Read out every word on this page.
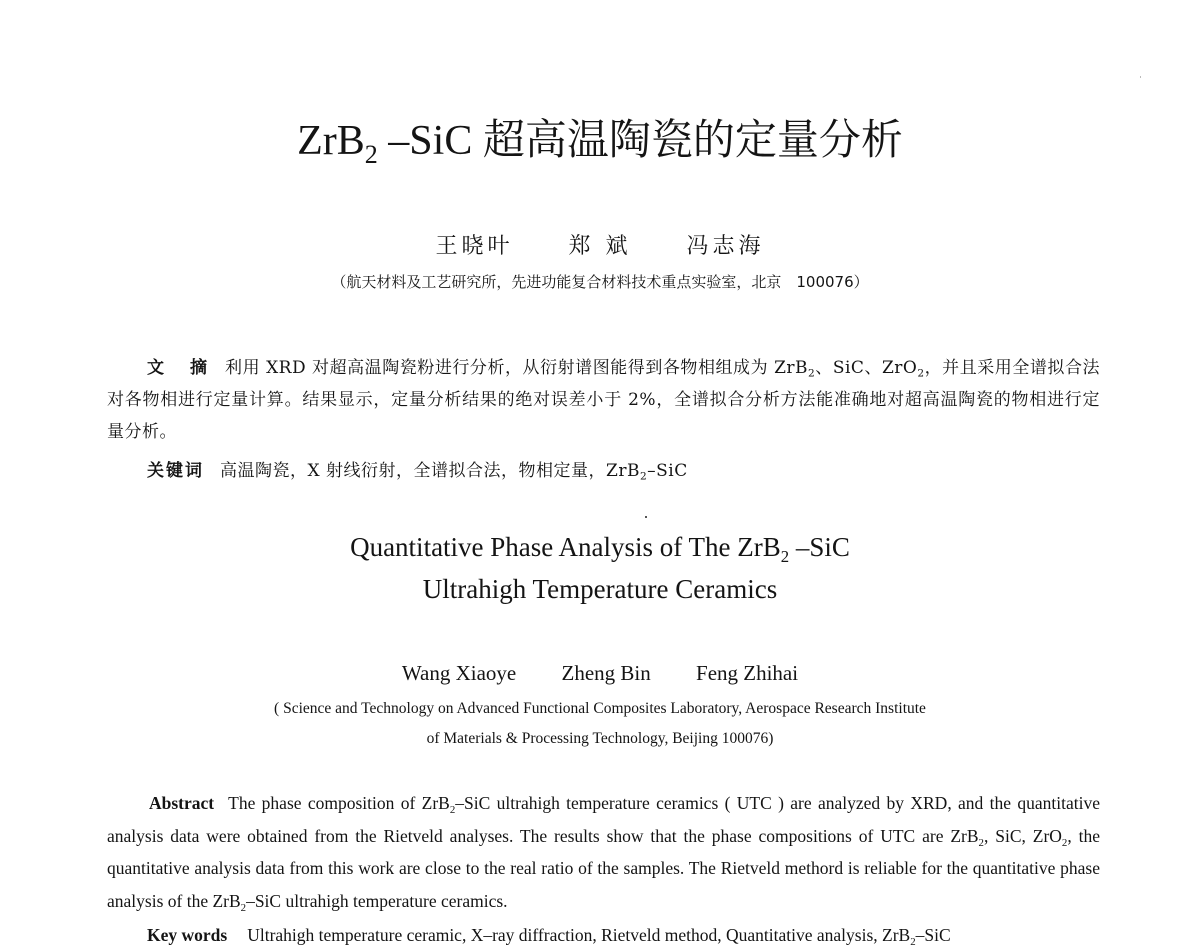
ZrB$_2$ –SiC 超高温陶瓷的定量分析
王晓叶	郑 斌	冯志海
（航天材料及工艺研究所，先进功能复合材料技术重点实验室，北京　100076）
文 摘 利用 XRD 对超高温陶瓷粉进行分析，从衍射谱图能得到各物相组成为 ZrB$_2$、SiC、ZrO$_2$，并且采用全谱拟合法对各物相进行定量计算。结果显示，定量分析结果的绝对误差小于 2%，全谱拟合分析方法能准确地对超高温陶瓷的物相进行定量分析。
关键词 高温陶瓷，X 射线衍射，全谱拟合法，物相定量，ZrB$_2$–SiC
Quantitative Phase Analysis of The ZrB$_2$ –SiC
Ultrahigh Temperature Ceramics
Wang Xiaoye Zheng Bin Feng Zhihai
( Science and Technology on Advanced Functional Composites Laboratory, Aerospace Research Institute
of Materials & Processing Technology, Beijing 100076)
Abstract The phase composition of ZrB$_2$–SiC ultrahigh temperature ceramics ( UTC ) are analyzed by XRD, and the quantitative analysis data were obtained from the Rietveld analyses. The results show that the phase compositions of UTC are ZrB$_2$, SiC, ZrO$_2$, the quantitative analysis data from this work are close to the real ratio of the samples. The Rietveld methord is reliable for the quantitative phase analysis of the ZrB$_2$–SiC ultrahigh temperature ceramics.
Key words Ultrahigh temperature ceramic, X–ray diffraction, Rietveld method, Quantitative analysis, ZrB$_2$–SiC
